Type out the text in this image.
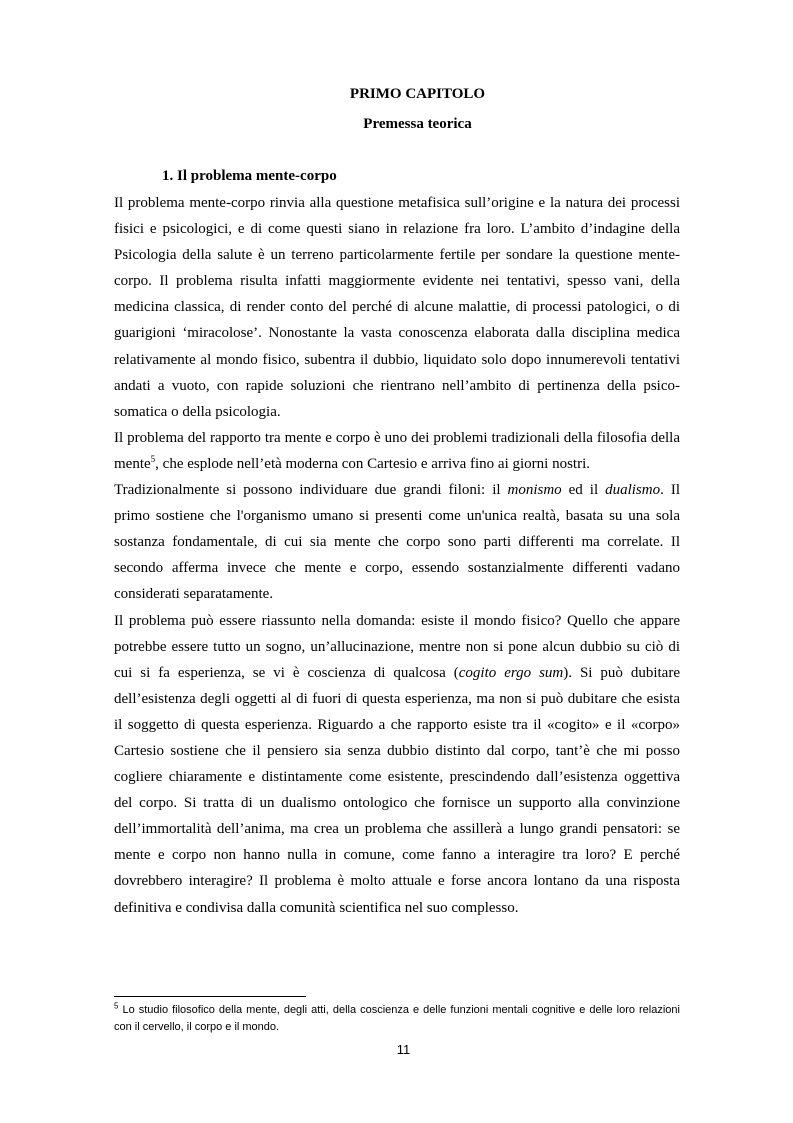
PRIMO CAPITOLO
Premessa teorica
1. Il problema mente-corpo

Il problema mente-corpo rinvia alla questione metafisica sull’origine e la natura dei processi fisici e psicologici, e di come questi siano in relazione fra loro. L’ambito d’indagine della Psicologia della salute è un terreno particolarmente fertile per sondare la questione mente-corpo. Il problema risulta infatti maggiormente evidente nei tentativi, spesso vani, della medicina classica, di render conto del perché di alcune malattie, di processi patologici, o di guarigioni ‘miracolose’. Nonostante la vasta conoscenza elaborata dalla disciplina medica relativamente al mondo fisico, subentra il dubbio, liquidato solo dopo innumerevoli tentativi andati a vuoto, con rapide soluzioni che rientrano nell’ambito di pertinenza della psico-somatica o della psicologia.

Il problema del rapporto tra mente e corpo è uno dei problemi tradizionali della filosofia della mente$^5$, che esplode nell’età moderna con Cartesio e arriva fino ai giorni nostri.

Tradizionalmente si possono individuare due grandi filoni: il monismo ed il dualismo. Il primo sostiene che l'organismo umano si presenti come un'unica realtà, basata su una sola sostanza fondamentale, di cui sia mente che corpo sono parti differenti ma correlate. Il secondo afferma invece che mente e corpo, essendo sostanzialmente differenti vadano considerati separatamente.

Il problema può essere riassunto nella domanda: esiste il mondo fisico? Quello che appare potrebbe essere tutto un sogno, un’allucinazione, mentre non si pone alcun dubbio su ciò di cui si fa esperienza, se vi è coscienza di qualcosa (cogito ergo sum). Si può dubitare dell’esistenza degli oggetti al di fuori di questa esperienza, ma non si può dubitare che esista il soggetto di questa esperienza. Riguardo a che rapporto esiste tra il «cogito» e il «corpo» Cartesio sostiene che il pensiero sia senza dubbio distinto dal corpo, tant’è che mi posso cogliere chiaramente e distintamente come esistente, prescindendo dall’esistenza oggettiva del corpo. Si tratta di un dualismo ontologico che fornisce un supporto alla convinzione dell’immortalità dell’anima, ma crea un problema che assillerà a lungo grandi pensatori: se mente e corpo non hanno nulla in comune, come fanno a interagire tra loro? E perché dovrebbero interagire? Il problema è molto attuale e forse ancora lontano da una risposta definitiva e condivisa dalla comunità scientifica nel suo complesso.

$^5$ Lo studio filosofico della mente, degli atti, della coscienza e delle funzioni mentali cognitive e delle loro relazioni con il cervello, il corpo e il mondo.
11
